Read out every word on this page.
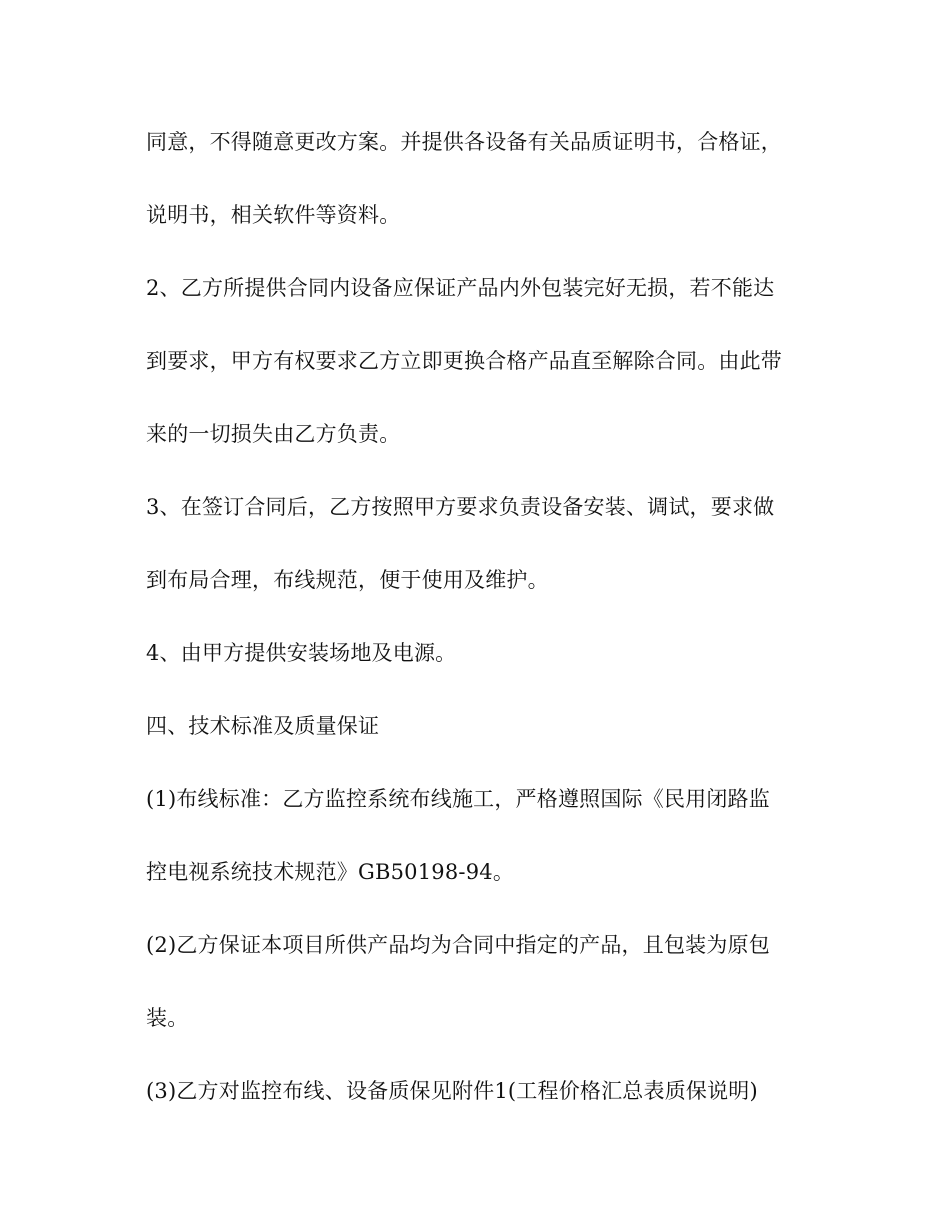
同意，不得随意更改方案。并提供各设备有关品质证明书，合格证，
说明书，相关软件等资料。
2、乙方所提供合同内设备应保证产品内外包装完好无损，若不能达
到要求，甲方有权要求乙方立即更换合格产品直至解除合同。由此带
来的一切损失由乙方负责。
3、在签订合同后，乙方按照甲方要求负责设备安装、调试，要求做
到布局合理，布线规范，便于使用及维护。
4、由甲方提供安装场地及电源。
四、技术标准及质量保证
(1)布线标准：乙方监控系统布线施工，严格遵照国际《民用闭路监
控电视系统技术规范》GB50198-94。
(2)乙方保证本项目所供产品均为合同中指定的产品，且包装为原包
装。
(3)乙方对监控布线、设备质保见附件1(工程价格汇总表质保说明)
